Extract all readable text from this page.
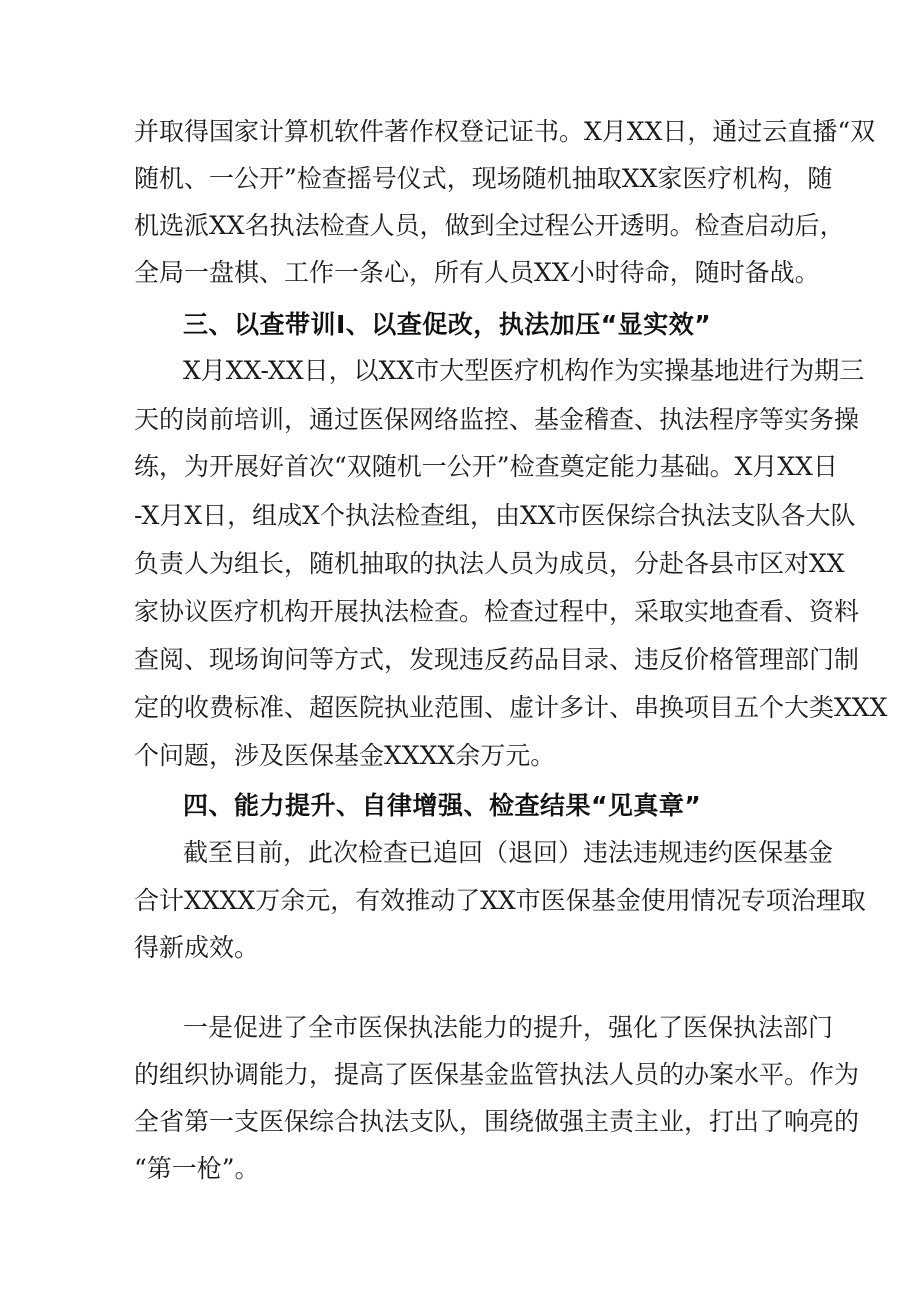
并取得国家计算机软件著作权登记证书。X月XX日，通过云直播“双

随机、一公开”检查摇号仪式，现场随机抽取XX家医疗机构，随

机选派XX名执法检查人员，做到全过程公开透明。检查启动后，

全局一盘棋、工作一条心，所有人员XX小时待命，随时备战。

三、以查带训I、以查促改，执法加压“显实效”

X月XX-XX日，以XX市大型医疗机构作为实操基地进行为期三

天的岗前培训，通过医保网络监控、基金稽查、执法程序等实务操

练，为开展好首次“双随机一公开”检查奠定能力基础。X月XX日

-X月X日，组成X个执法检查组，由XX市医保综合执法支队各大队

负责人为组长，随机抽取的执法人员为成员，分赴各县市区对XX

家协议医疗机构开展执法检查。检查过程中，采取实地查看、资料

查阅、现场询问等方式，发现违反药品目录、违反价格管理部门制

定的收费标准、超医院执业范围、虚计多计、串换项目五个大类XXX

个问题，涉及医保基金XXXX余万元。

四、能力提升、自律增强、检查结果“见真章”

截至目前，此次检查已追回（退回）违法违规违约医保基金

合计XXXX万余元，有效推动了XX市医保基金使用情况专项治理取

得新成效。

一是促进了全市医保执法能力的提升，强化了医保执法部门

的组织协调能力，提高了医保基金监管执法人员的办案水平。作为

全省第一支医保综合执法支队，围绕做强主责主业，打出了响亮的

“第一枪”。
